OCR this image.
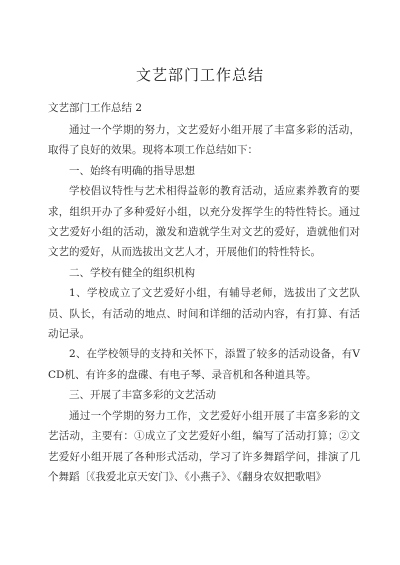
文艺部门工作总结

文艺部门工作总结 2

通过一个学期的努力，文艺爱好小组开展了丰富多彩的活动，取得了良好的效果。现将本项工作总结如下：

一、始终有明确的指导思想

学校倡议特性与艺术相得益彰的教育活动，适应素养教育的要求，组织开办了多种爱好小组，以充分发挥学生的特性特长。通过文艺爱好小组的活动，激发和造就学生对文艺的爱好，造就他们对文艺的爱好，从而选拔出文艺人才，开展他们的特性特长。

二、学校有健全的组织机构

1、学校成立了文艺爱好小组，有辅导老师，选拔出了文艺队员、队长，有活动的地点、时间和详细的活动内容，有打算、有活动记录。

2、在学校领导的支持和关怀下，添置了较多的活动设备，有VCD机、有许多的盘碟、有电子琴、录音机和各种道具等。

三、开展了丰富多彩的文艺活动

通过一个学期的努力工作，文艺爱好小组开展了丰富多彩的文艺活动，主要有：①成立了文艺爱好小组，编写了活动打算；②文艺爱好小组开展了各种形式活动，学习了许多舞蹈学问，排演了几个舞蹈〔《我爱北京天安门》、《小燕子》、《翻身农奴把歌唱》
